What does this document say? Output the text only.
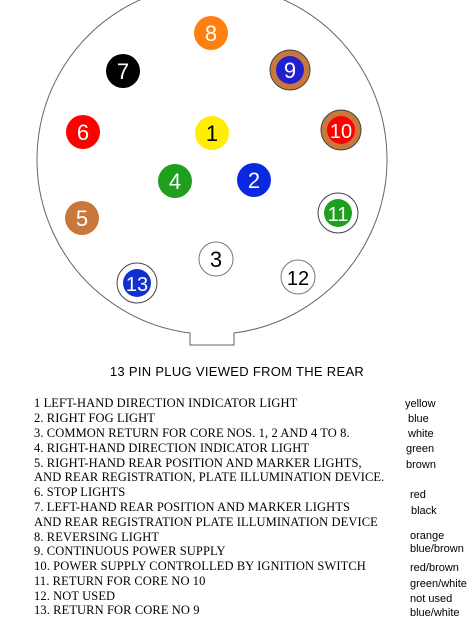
1
2
3
4
5
6
7
8
9
10
11
12
13
13 PIN PLUG VIEWED FROM THE REAR
1 LEFT-HAND DIRECTION INDICATOR LIGHT
2. RIGHT FOG LIGHT
3. COMMON RETURN FOR CORE NOS. 1, 2 AND 4 TO 8.
4. RIGHT-HAND DIRECTION INDICATOR LIGHT
5. RIGHT-HAND REAR POSITION AND MARKER LIGHTS,
AND REAR REGISTRATION, PLATE ILLUMINATION DEVICE.
6. STOP LIGHTS
7. LEFT-HAND REAR POSITION AND MARKER LIGHTS
AND REAR REGISTRATION PLATE ILLUMINATION DEVICE
8. REVERSING LIGHT
9. CONTINUOUS POWER SUPPLY
10. POWER SUPPLY CONTROLLED BY IGNITION SWITCH
11. RETURN FOR CORE NO 10
12. NOT USED
13. RETURN FOR CORE NO 9
yellow
blue
white
green
brown
red
black
orange
blue/brown
red/brown
green/white
not used
blue/white
